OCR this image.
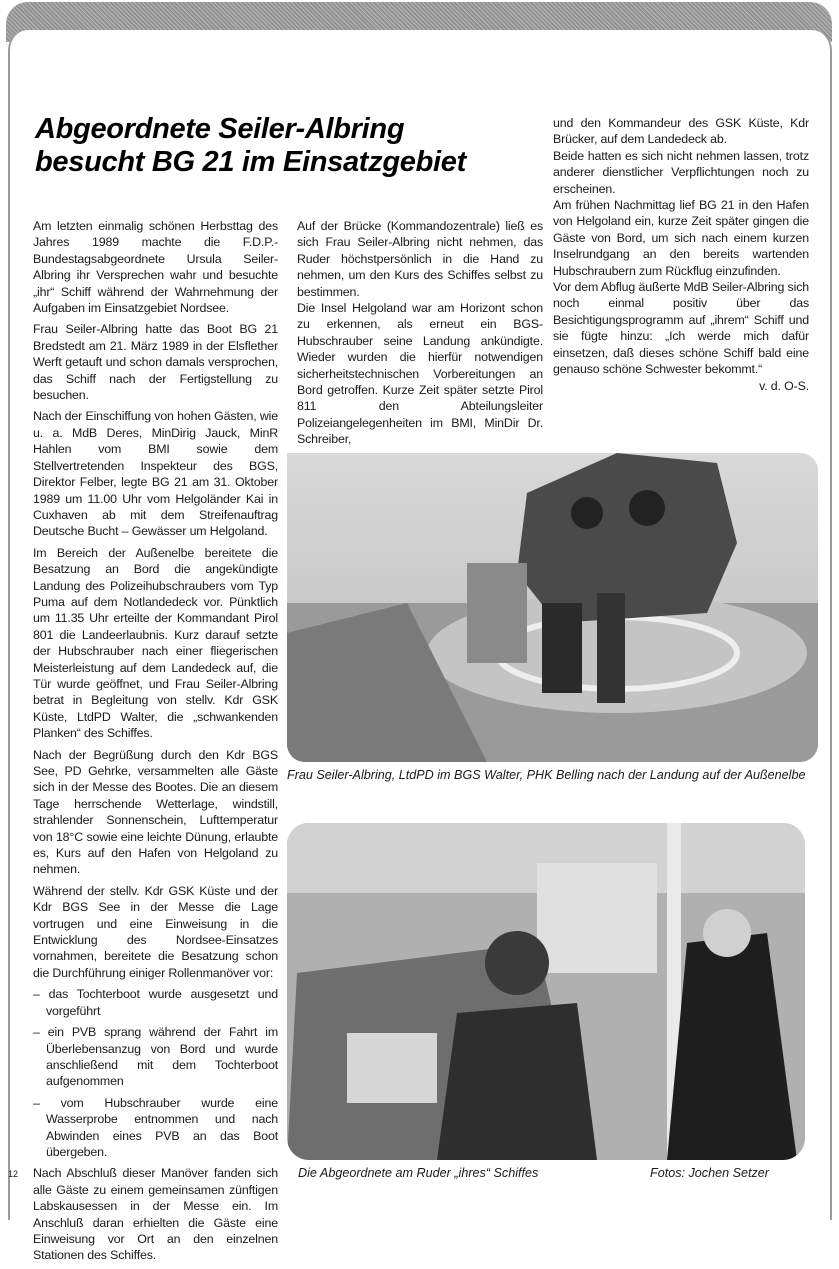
Abgeordnete Seiler-Albring
besucht BG 21 im Einsatzgebiet

Am letzten einmalig schönen Herbsttag des Jahres 1989 machte die F.D.P.-Bundestagsabgeordnete Ursula Seiler-Albring ihr Versprechen wahr und besuchte „ihr“ Schiff während der Wahrnehmung der Aufgaben im Einsatzgebiet Nordsee.

Frau Seiler-Albring hatte das Boot BG 21 Bredstedt am 21. März 1989 in der Elsflether Werft getauft und schon damals versprochen, das Schiff nach der Fertigstellung zu besuchen.

Nach der Einschiffung von hohen Gästen, wie u. a. MdB Deres, MinDirig Jauck, MinR Hahlen vom BMI sowie dem Stellvertretenden Inspekteur des BGS, Direktor Felber, legte BG 21 am 31. Oktober 1989 um 11.00 Uhr vom Helgoländer Kai in Cuxhaven ab mit dem Streifenauftrag Deutsche Bucht – Gewässer um Helgoland.

Im Bereich der Außenelbe bereitete die Besatzung an Bord die angekündigte Landung des Polizeihubschraubers vom Typ Puma auf dem Notlandedeck vor. Pünktlich um 11.35 Uhr erteilte der Kommandant Pirol 801 die Landeerlaubnis. Kurz darauf setzte der Hubschrauber nach einer fliegerischen Meisterleistung auf dem Landedeck auf, die Tür wurde geöffnet, und Frau Seiler-Albring betrat in Begleitung von stellv. Kdr GSK Küste, LtdPD Walter, die „schwankenden Planken“ des Schiffes.

Nach der Begrüßung durch den Kdr BGS See, PD Gehrke, versammelten alle Gäste sich in der Messe des Bootes. Die an diesem Tage herrschende Wetterlage, windstill, strahlender Sonnenschein, Lufttemperatur von 18°C sowie eine leichte Dünung, erlaubte es, Kurs auf den Hafen von Helgoland zu nehmen.

Während der stellv. Kdr GSK Küste und der Kdr BGS See in der Messe die Lage vortrugen und eine Einweisung in die Entwicklung des Nordsee-Einsatzes vornahmen, bereitete die Besatzung schon die Durchführung einiger Rollenmanöver vor:

– das Tochterboot wurde ausgesetzt und vorgeführt
– ein PVB sprang während der Fahrt im Überlebensanzug von Bord und wurde anschließend mit dem Tochterboot aufgenommen
– vom Hubschrauber wurde eine Wasserprobe entnommen und nach Abwinden eines PVB an das Boot übergeben.

Nach Abschluß dieser Manöver fanden sich alle Gäste zu einem gemeinsamen zünftigen Labskausessen in der Messe ein. Im Anschluß daran erhielten die Gäste eine Einweisung vor Ort an den einzelnen Stationen des Schiffes.

Auf der Brücke (Kommandozentrale) ließ es sich Frau Seiler-Albring nicht nehmen, das Ruder höchstpersönlich in die Hand zu nehmen, um den Kurs des Schiffes selbst zu bestimmen.

Die Insel Helgoland war am Horizont schon zu erkennen, als erneut ein BGS-Hubschrauber seine Landung ankündigte. Wieder wurden die hierfür notwendigen sicherheitstechnischen Vorbereitungen an Bord getroffen. Kurze Zeit später setzte Pirol 811 den Abteilungsleiter Polizeiangelegenheiten im BMI, MinDir Dr. Schreiber,

und den Kommandeur des GSK Küste, Kdr Brücker, auf dem Landedeck ab.

Beide hatten es sich nicht nehmen lassen, trotz anderer dienstlicher Verpflichtungen noch zu erscheinen.

Am frühen Nachmittag lief BG 21 in den Hafen von Helgoland ein, kurze Zeit später gingen die Gäste von Bord, um sich nach einem kurzen Inselrundgang an den bereits wartenden Hubschraubern zum Rückflug einzufinden.

Vor dem Abflug äußerte MdB Seiler-Albring sich noch einmal positiv über das Besichtigungsprogramm auf „ihrem“ Schiff und sie fügte hinzu: „Ich werde mich dafür einsetzen, daß dieses schöne Schiff bald eine genauso schöne Schwester bekommt.“
v. d. O-S.

Frau Seiler-Albring, LtdPD im BGS Walter, PHK Belling nach der Landung auf der Außenelbe
Die Abgeordnete am Ruder „ihres“ Schiffes	Fotos: Jochen Setzer
12
